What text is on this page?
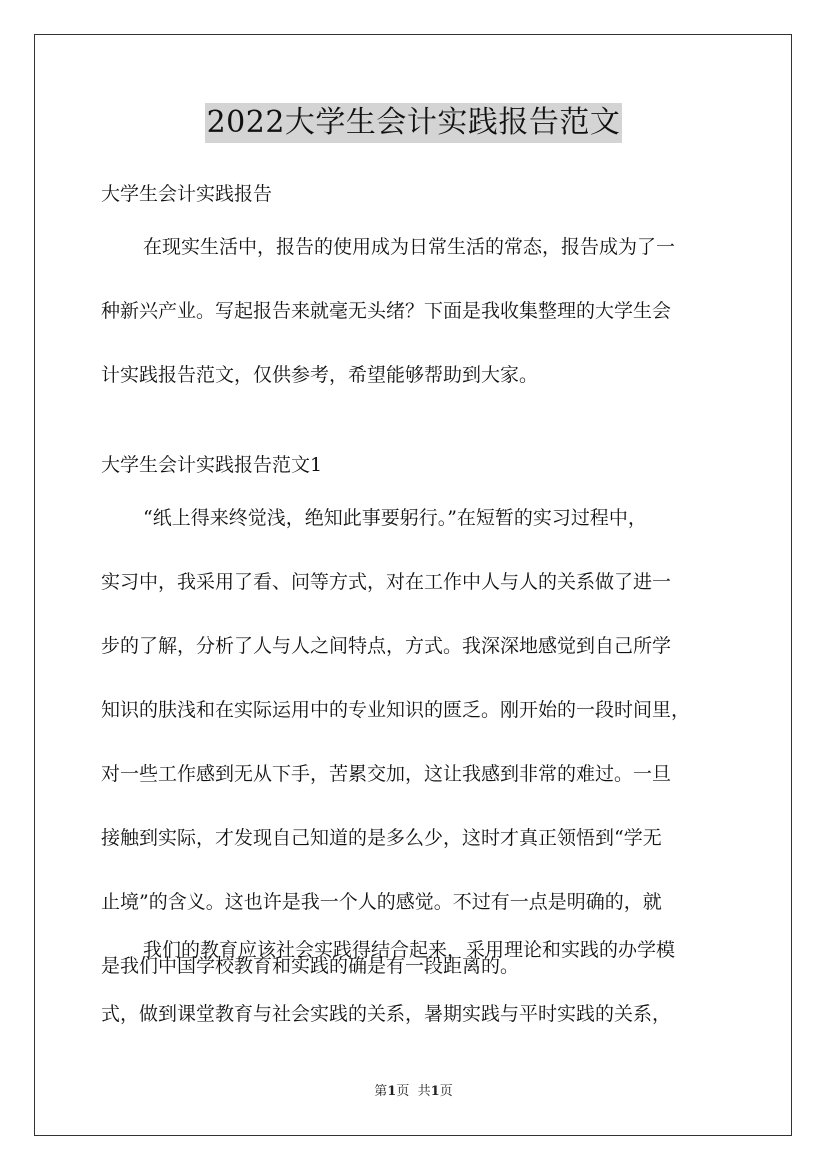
2022大学生会计实践报告范文
大学生会计实践报告
在现实生活中，报告的使用成为日常生活的常态，报告成为了一
种新兴产业。写起报告来就毫无头绪？下面是我收集整理的大学生会
计实践报告范文，仅供参考，希望能够帮助到大家。
大学生会计实践报告范文1
“纸上得来终觉浅，绝知此事要躬行。”在短暂的实习过程中，
实习中，我采用了看、问等方式，对在工作中人与人的关系做了进一
步的了解，分析了人与人之间特点，方式。我深深地感觉到自己所学
知识的肤浅和在实际运用中的专业知识的匮乏。刚开始的一段时间里，
对一些工作感到无从下手，苦累交加，这让我感到非常的难过。一旦
接触到实际，才发现自己知道的是多么少，这时才真正领悟到“学无
止境”的含义。这也许是我一个人的感觉。不过有一点是明确的，就
是我们中国学校教育和实践的确是有一段距离的。
我们的教育应该社会实践得结合起来，采用理论和实践的办学模
式，做到课堂教育与社会实践的关系，暑期实践与平时实践的关系，
第1页 共1页
